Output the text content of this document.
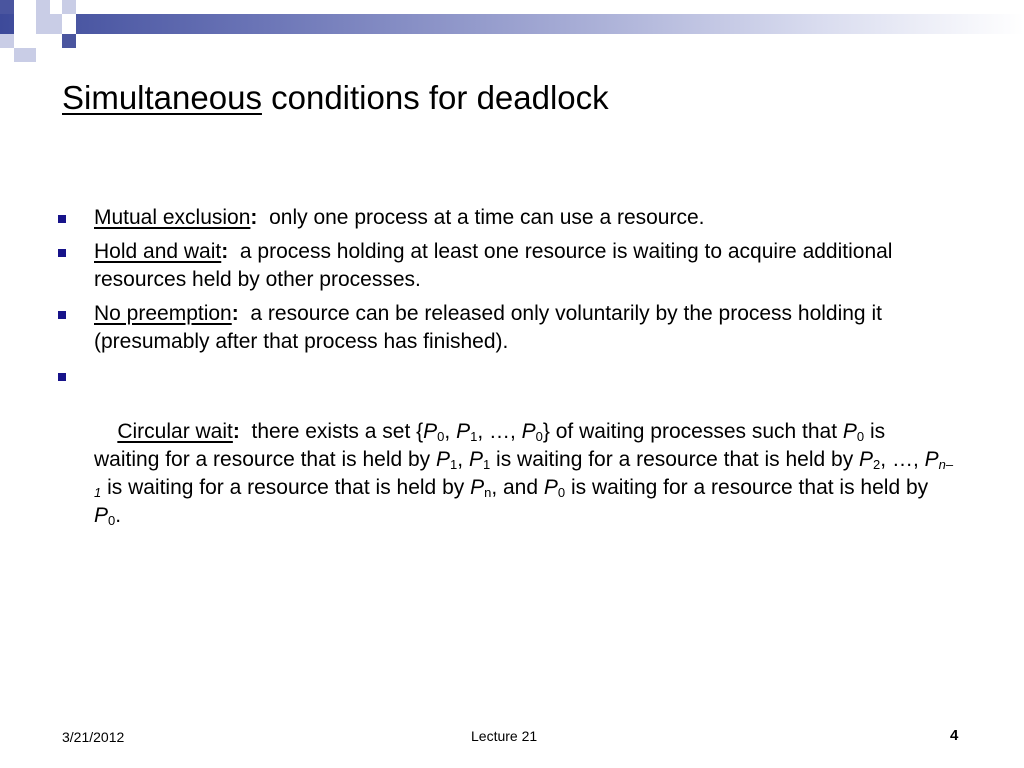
Simultaneous conditions for deadlock
Mutual exclusion:  only one process at a time can use a resource.
Hold and wait:  a process holding at least one resource is waiting to acquire additional resources held by other processes.
No preemption:  a resource can be released only voluntarily by the process holding it (presumably after that process has finished).

Circular wait:  there exists a set {$P_0$, $P_1$, …, $P_0$} of waiting processes such that $P_0$ is waiting for a resource that is held by $P_1$, $P_1$ is waiting for a resource that is held by $P_2$, …, $P_{n-1}$ is waiting for a resource that is held by $P_n$, and $P_0$ is waiting for a resource that is held by $P_0$.

3/21/2012	Lecture 21	4
